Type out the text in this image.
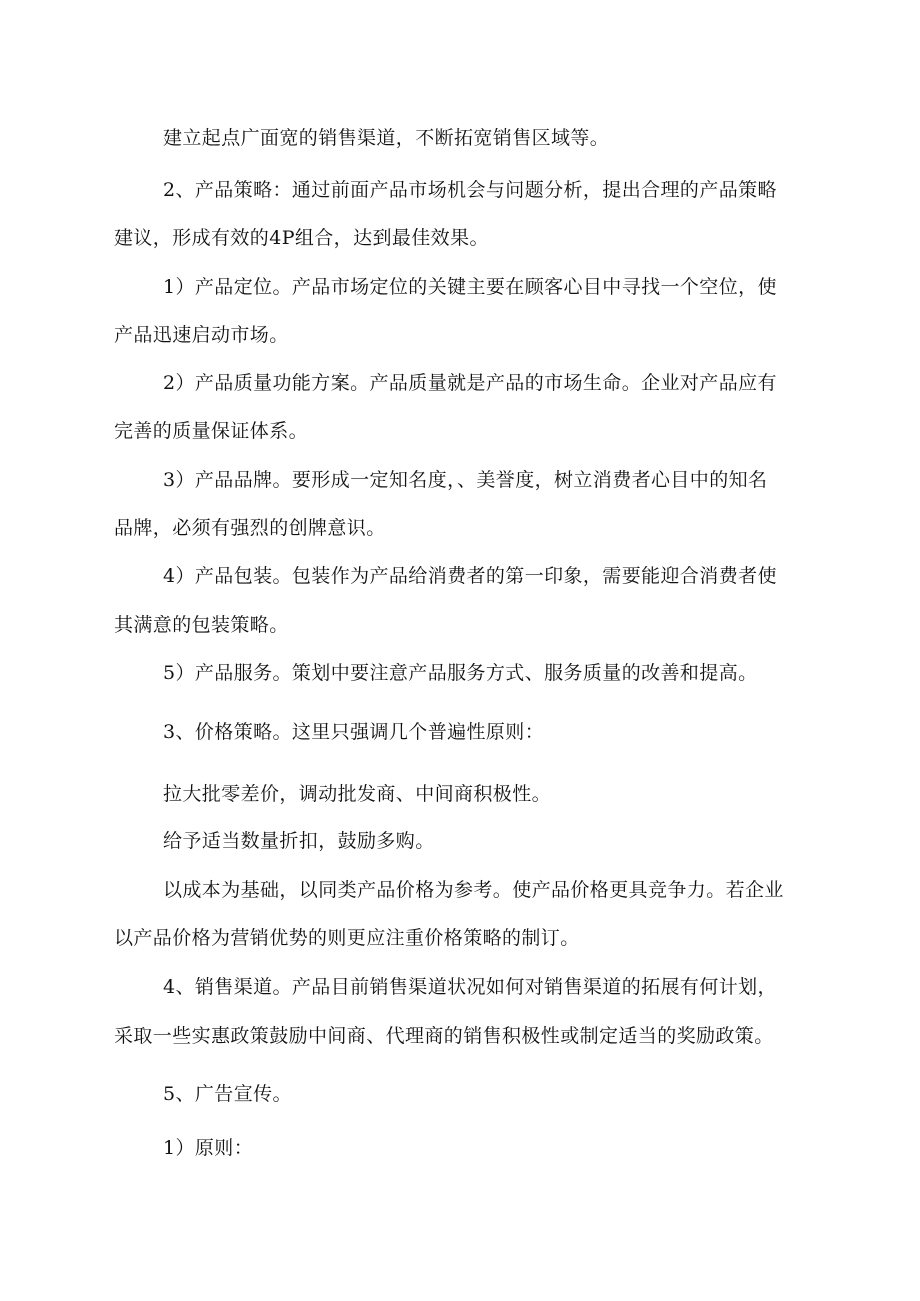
建立起点广面宽的销售渠道，不断拓宽销售区域等。

2、产品策略：通过前面产品市场机会与问题分析，提出合理的产品策略

建议，形成有效的4P组合，达到最佳效果。

1）产品定位。产品市场定位的关键主要在顾客心目中寻找一个空位，使

产品迅速启动市场。

2）产品质量功能方案。产品质量就是产品的市场生命。企业对产品应有

完善的质量保证体系。

3）产品品牌。要形成一定知名度，、美誉度，树立消费者心目中的知名

品牌，必须有强烈的创牌意识。

4）产品包装。包装作为产品给消费者的第一印象，需要能迎合消费者使

其满意的包装策略。

5）产品服务。策划中要注意产品服务方式、服务质量的改善和提高。

3、价格策略。这里只强调几个普遍性原则：

拉大批零差价，调动批发商、中间商积极性。

给予适当数量折扣，鼓励多购。

以成本为基础，以同类产品价格为参考。使产品价格更具竞争力。若企业

以产品价格为营销优势的则更应注重价格策略的制订。

4、销售渠道。产品目前销售渠道状况如何对销售渠道的拓展有何计划，

采取一些实惠政策鼓励中间商、代理商的销售积极性或制定适当的奖励政策。

5、广告宣传。

1）原则：
